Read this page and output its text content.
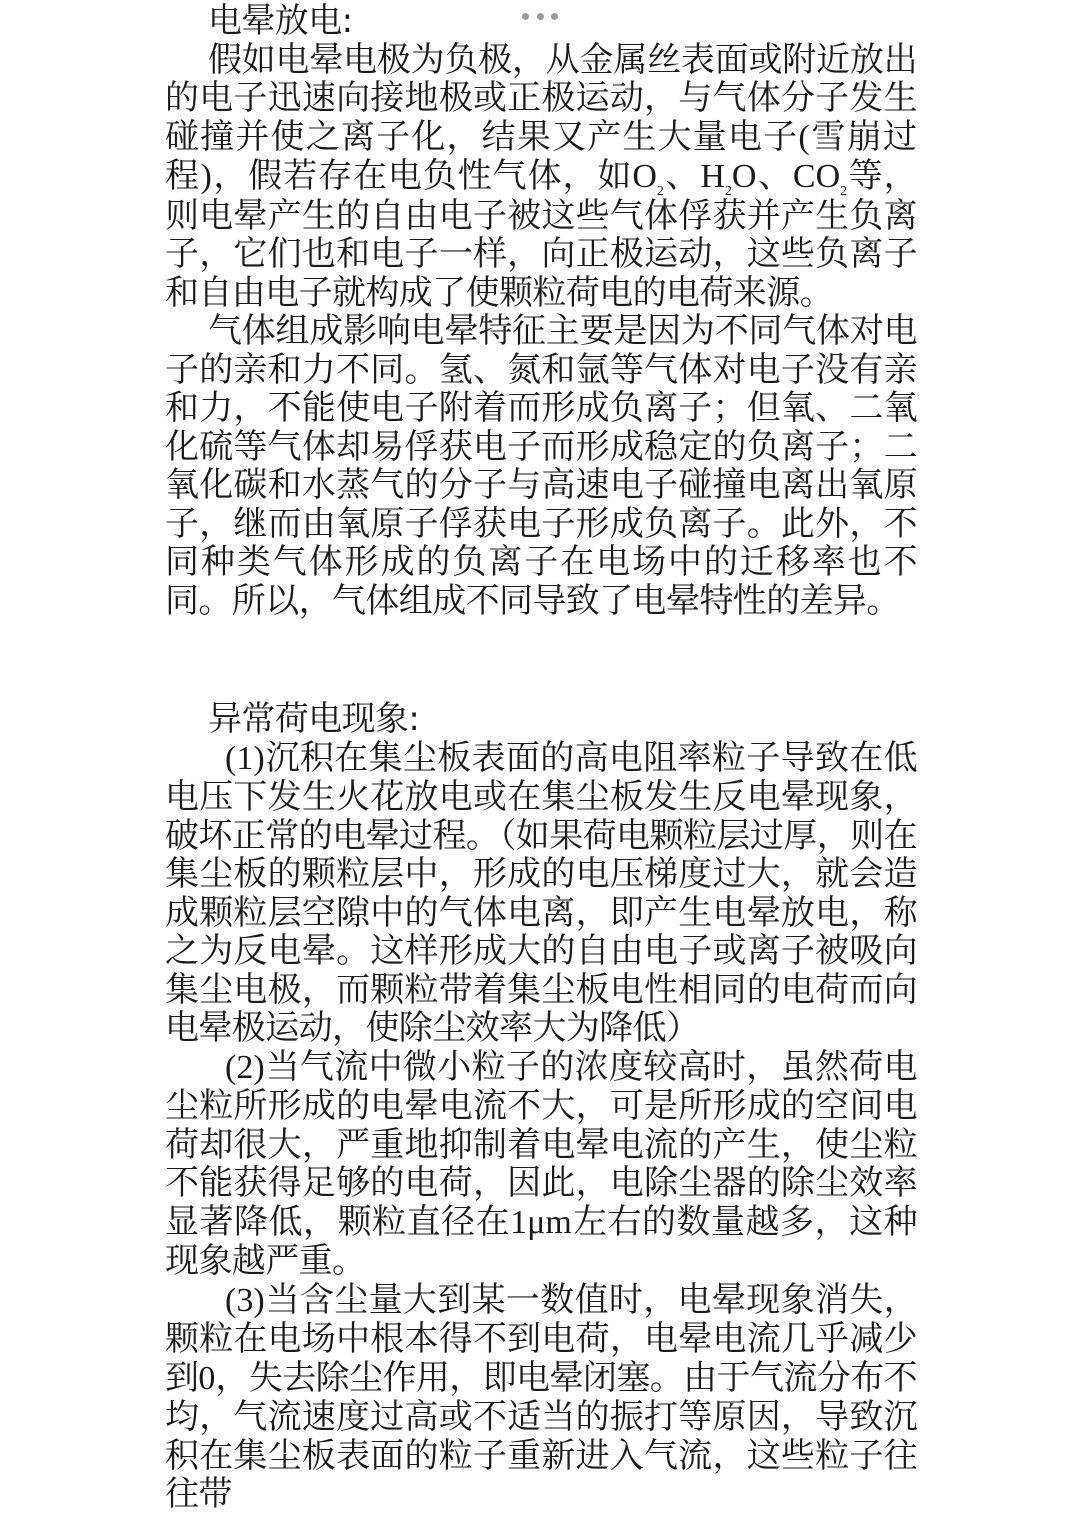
电晕放电:

假如电晕电极为负极，从金属丝表面或附近放出的电子迅速向接地极或正极运动，与气体分子发生碰撞并使之离子化，结果又产生大量电子(雪崩过程)，假若存在电负性气体，如$O_2$、$H_2O$、$CO_2$等，则电晕产生的自由电子被这些气体俘获并产生负离子，它们也和电子一样，向正极运动，这些负离子和自由电子就构成了使颗粒荷电的电荷来源。

气体组成影响电晕特征主要是因为不同气体对电子的亲和力不同。氢、氮和氩等气体对电子没有亲和力，不能使电子附着而形成负离子；但氧、二氧化硫等气体却易俘获电子而形成稳定的负离子；二氧化碳和水蒸气的分子与高速电子碰撞电离出氧原子，继而由氧原子俘获电子形成负离子。此外，不同种类气体形成的负离子在电场中的迁移率也不同。所以，气体组成不同导致了电晕特性的差异。

异常荷电现象:

(1)沉积在集尘板表面的高电阻率粒子导致在低电压下发生火花放电或在集尘板发生反电晕现象，破坏正常的电晕过程。（如果荷电颗粒层过厚，则在集尘板的颗粒层中，形成的电压梯度过大，就会造成颗粒层空隙中的气体电离，即产生电晕放电，称之为反电晕。这样形成大的自由电子或离子被吸向集尘电极，而颗粒带着集尘板电性相同的电荷而向电晕极运动，使除尘效率大为降低）

(2)当气流中微小粒子的浓度较高时，虽然荷电尘粒所形成的电晕电流不大，可是所形成的空间电荷却很大，严重地抑制着电晕电流的产生，使尘粒不能获得足够的电荷，因此，电除尘器的除尘效率显著降低，颗粒直径在1μm左右的数量越多，这种现象越严重。

(3)当含尘量大到某一数值时，电晕现象消失，颗粒在电场中根本得不到电荷，电晕电流几乎减少到0，失去除尘作用，即电晕闭塞。由于气流分布不均，气流速度过高或不适当的振打等原因，导致沉积在集尘板表面的粒子重新进入气流，这些粒子往往带
